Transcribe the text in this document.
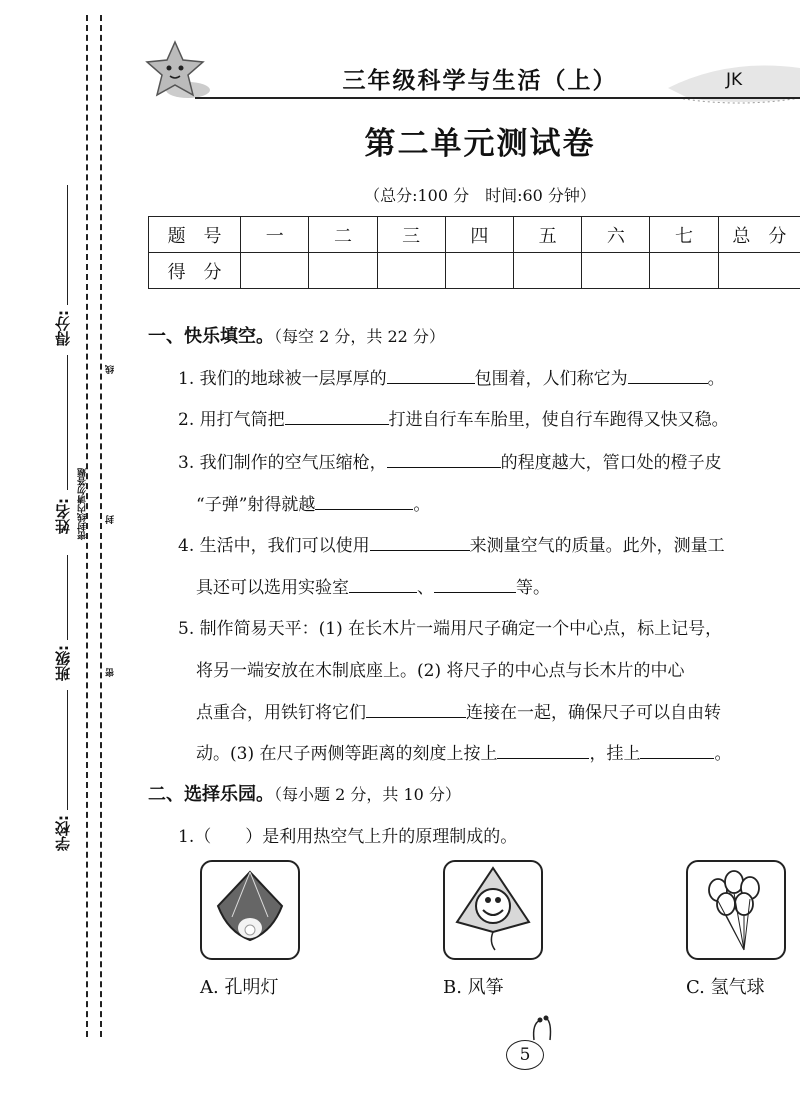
得分:
姓名:
班级:
学校:
线
密封线内请勿答题 封
密
三年级科学与生活（上）	JK
第二单元测试卷
（总分:100 分　时间:60 分钟）
题　号	一	二	三	四	五	六	七	总　分
得　分								
一、快乐填空。（每空 2 分，共 22 分）
1. 我们的地球被一层厚厚的	包围着，人们称它为	。
2. 用打气筒把	打进自行车车胎里，使自行车跑得又快又稳。
3. 我们制作的空气压缩枪，	的程度越大，管口处的橙子皮
“子弹”射得就越	。
4. 生活中，我们可以使用	来测量空气的质量。此外，测量工
具还可以选用实验室	、	等。
5. 制作简易天平：(1) 在长木片一端用尺子确定一个中心点，标上记号，
将另一端安放在木制底座上。(2) 将尺子的中心点与长木片的中心
点重合，用铁钉将它们	连接在一起，确保尺子可以自由转
动。(3) 在尺子两侧等距离的刻度上按上	，挂上	。
二、选择乐园。（每小题 2 分，共 10 分）
1.（ ）是利用热空气上升的原理制成的。
A. 孔明灯	B. 风筝	C. 氢气球
5
